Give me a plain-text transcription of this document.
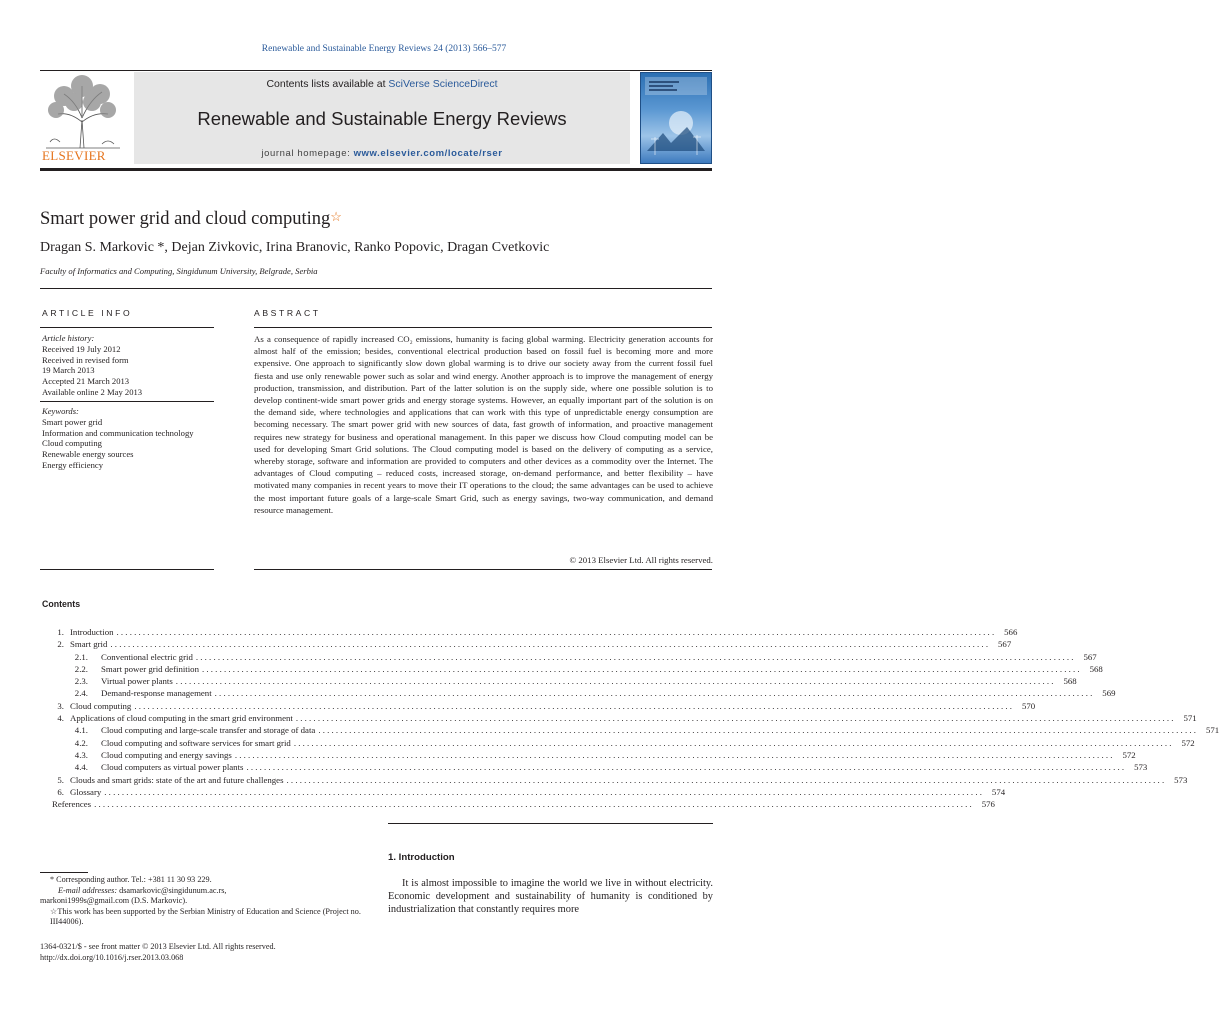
Renewable and Sustainable Energy Reviews 24 (2013) 566–577
ELSEVIER
Contents lists available at SciVerse ScienceDirect
Renewable and Sustainable Energy Reviews
journal homepage: www.elsevier.com/locate/rser
Smart power grid and cloud computing☆
Dragan S. Markovic *, Dejan Zivkovic, Irina Branovic, Ranko Popovic, Dragan Cvetkovic
Faculty of Informatics and Computing, Singidunum University, Belgrade, Serbia
ARTICLE INFO
Article history:
Received 19 July 2012
Received in revised form
19 March 2013
Accepted 21 March 2013
Available online 2 May 2013
Keywords:
Smart power grid
Information and communication technology
Cloud computing
Renewable energy sources
Energy efficiency
ABSTRACT
As a consequence of rapidly increased CO₂ emissions, humanity is facing global warming. Electricity generation accounts for almost half of the emission; besides, conventional electrical production based on fossil fuel is becoming more and more expensive. One approach to significantly slow down global warming is to drive our society away from the current fossil fuel fiesta and use only renewable power such as solar and wind energy. Another approach is to improve the management of energy production, transmission, and distribution. Part of the latter solution is on the supply side, where one possible solution is to develop continent-wide smart power grids and energy storage systems. However, an equally important part of the solution is on the demand side, where technologies and applications that can work with this type of unpredictable energy consumption are becoming necessary. The smart power grid with new sources of data, fast growth of information, and proactive management requires new strategy for business and operational management. In this paper we discuss how Cloud computing model can be used for developing Smart Grid solutions. The Cloud computing model is based on the delivery of computing as a service, whereby storage, software and information are provided to computers and other devices as a commodity over the Internet. The advantages of Cloud computing – reduced costs, increased storage, on-demand performance, and better flexibility – have motivated many companies in recent years to move their IT operations to the cloud; the same advantages can be used to achieve the most important future goals of a large-scale Smart Grid, such as energy savings, two-way communication, and demand resource management.
© 2013 Elsevier Ltd. All rights reserved.
Contents
1. Introduction ........................................................................................................................................................................................................ 566
2. Smart grid ........................................................................................................................................................................................................ 567
2.1.	Conventional electric grid ........................................................................................................................................................................................................ 567
2.2.	Smart power grid definition ........................................................................................................................................................................................................ 568
2.3.	Virtual power plants ........................................................................................................................................................................................................ 568
2.4.	Demand-response management ........................................................................................................................................................................................................ 569
3. Cloud computing ........................................................................................................................................................................................................ 570
4. Applications of cloud computing in the smart grid environment ........................................................................................................................................................................................................ 571
4.1.	Cloud computing and large-scale transfer and storage of data ........................................................................................................................................................................................................ 571
4.2.	Cloud computing and software services for smart grid ........................................................................................................................................................................................................ 572
4.3.	Cloud computing and energy savings ........................................................................................................................................................................................................ 572
4.4.	Cloud computers as virtual power plants ........................................................................................................................................................................................................ 573
5. Clouds and smart grids: state of the art and future challenges ........................................................................................................................................................................................................ 573
6. Glossary ........................................................................................................................................................................................................ 574
References ........................................................................................................................................................................................................ 576
* Corresponding author. Tel.: +381 11 30 93 229.
E-mail addresses: dsamarkovic@singidunum.ac.rs,
markoni1999s@gmail.com (D.S. Markovic).
☆This work has been supported by the Serbian Ministry of Education and Science (Project no. III44006).
1364-0321/$ - see front matter © 2013 Elsevier Ltd. All rights reserved.
http://dx.doi.org/10.1016/j.rser.2013.03.068
1. Introduction
It is almost impossible to imagine the world we live in without electricity. Economic development and sustainability of humanity is conditioned by industrialization that constantly requires more
